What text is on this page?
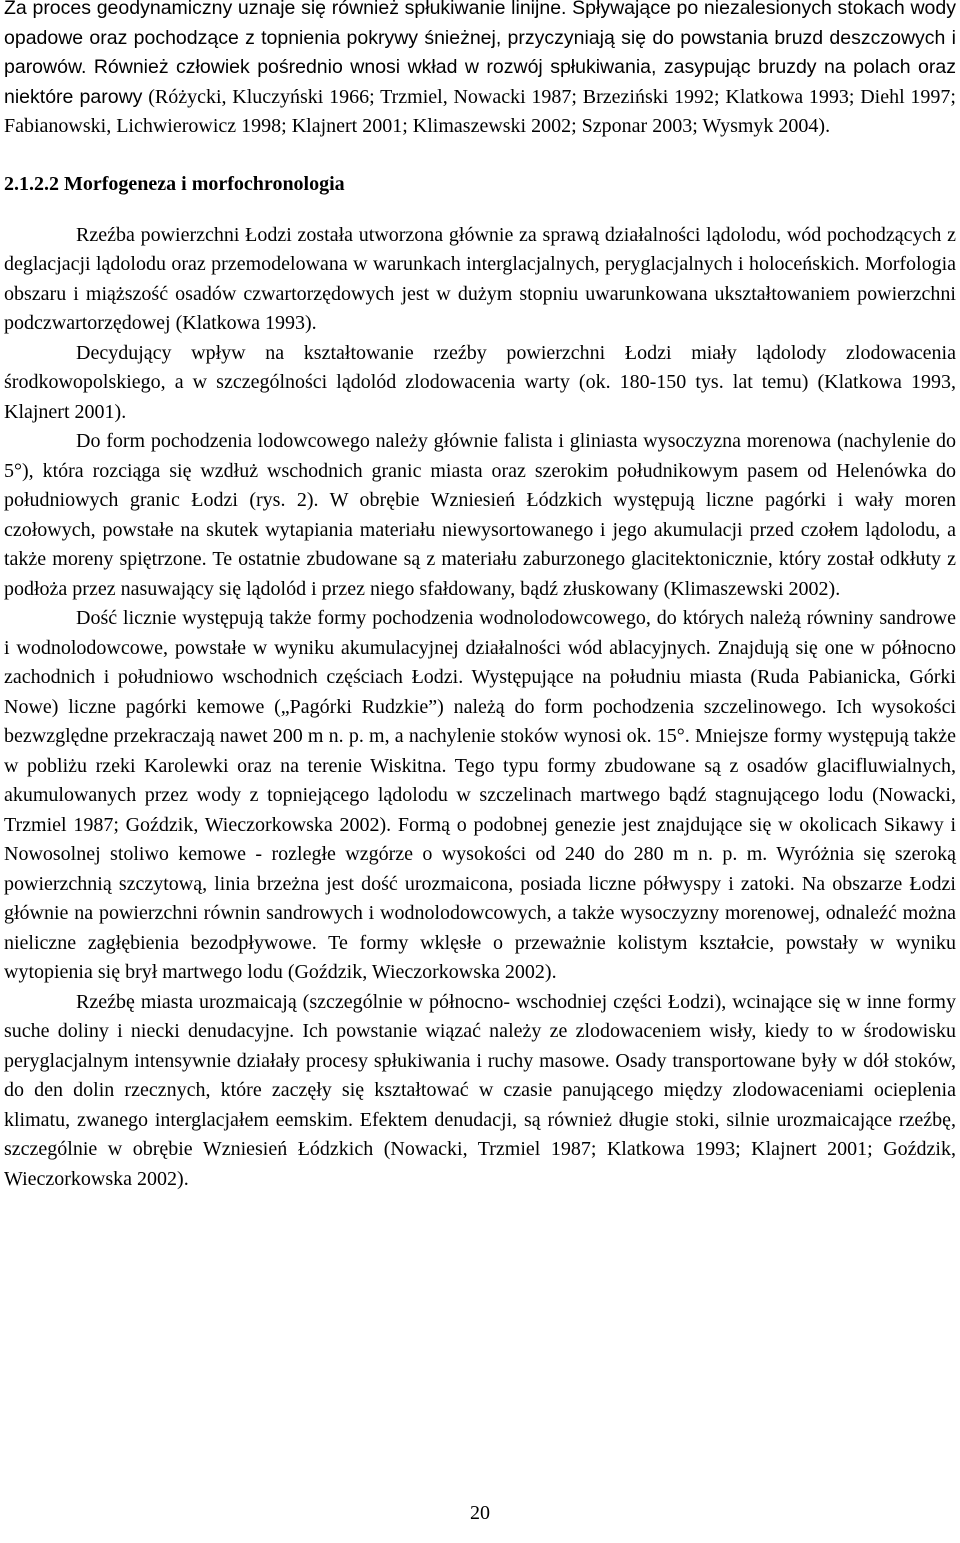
Za proces geodynamiczny uznaje się również spłukiwanie linijne. Spływające po niezalesionych stokach wody opadowe oraz pochodzące z topnienia pokrywy śnieżnej, przyczyniają się do powstania bruzd deszczowych i parowów. Również człowiek pośrednio wnosi wkład w rozwój spłukiwania, zasypując bruzdy na polach oraz niektóre parowy (Różycki, Kluczyński 1966; Trzmiel, Nowacki 1987; Brzeziński 1992; Klatkowa 1993; Diehl 1997; Fabianowski, Lichwierowicz 1998; Klajnert 2001; Klimaszewski 2002; Szponar 2003; Wysmyk 2004).

2.1.2.2 Morfogeneza i morfochronologia

Rzeźba powierzchni Łodzi została utworzona głównie za sprawą działalności lądolodu, wód pochodzących z deglacjacji lądolodu oraz przemodelowana w warunkach interglacjalnych, peryglacjalnych i holoceńskich. Morfologia obszaru i miąższość osadów czwartorzędowych jest w dużym stopniu uwarunkowana ukształtowaniem powierzchni podczwartorzędowej (Klatkowa 1993).

Decydujący wpływ na kształtowanie rzeźby powierzchni Łodzi miały lądolody zlodowacenia środkowopolskiego, a w szczególności lądolód zlodowacenia warty (ok. 180-150 tys. lat temu) (Klatkowa 1993, Klajnert 2001).

Do form pochodzenia lodowcowego należy głównie falista i gliniasta wysoczyzna morenowa (nachylenie do 5°), która rozciąga się wzdłuż wschodnich granic miasta oraz szerokim południkowym pasem od Helenówka do południowych granic Łodzi (rys. 2). W obrębie Wzniesień Łódzkich występują liczne pagórki i wały moren czołowych, powstałe na skutek wytapiania materiału niewysortowanego i jego akumulacji przed czołem lądolodu, a także moreny spiętrzone. Te ostatnie zbudowane są z materiału zaburzonego glacitektonicznie, który został odkłuty z podłoża przez nasuwający się lądolód i przez niego sfałdowany, bądź złuskowany (Klimaszewski 2002).

Dość licznie występują także formy pochodzenia wodnolodowcowego, do których należą równiny sandrowe i wodnolodowcowe, powstałe w wyniku akumulacyjnej działalności wód ablacyjnych. Znajdują się one w północno zachodnich i południowo wschodnich częściach Łodzi. Występujące na południu miasta (Ruda Pabianicka, Górki Nowe) liczne pagórki kemowe („Pagórki Rudzkie”) należą do form pochodzenia szczelinowego. Ich wysokości bezwzględne przekraczają nawet 200 m n. p. m, a nachylenie stoków wynosi ok. 15°. Mniejsze formy występują także w pobliżu rzeki Karolewki oraz na terenie Wiskitna. Tego typu formy zbudowane są z osadów glacifluwialnych, akumulowanych przez wody z topniejącego lądolodu w szczelinach martwego bądź stagnującego lodu (Nowacki, Trzmiel 1987; Goździk, Wieczorkowska 2002). Formą o podobnej genezie jest znajdujące się w okolicach Sikawy i Nowosolnej stoliwo kemowe - rozległe wzgórze o wysokości od 240 do 280 m n. p. m. Wyróżnia się szeroką powierzchnią szczytową, linia brzeżna jest dość urozmaicona, posiada liczne półwyspy i zatoki. Na obszarze Łodzi głównie na powierzchni równin sandrowych i wodnolodowcowych, a także wysoczyzny morenowej, odnaleźć można nieliczne zagłębienia bezodpływowe. Te formy wklęsłe o przeważnie kolistym kształcie, powstały w wyniku wytopienia się brył martwego lodu (Goździk, Wieczorkowska 2002).

Rzeźbę miasta urozmaicają (szczególnie w północno- wschodniej części Łodzi), wcinające się w inne formy suche doliny i niecki denudacyjne. Ich powstanie wiązać należy ze zlodowaceniem wisły, kiedy to w środowisku peryglacjalnym intensywnie działały procesy spłukiwania i ruchy masowe. Osady transportowane były w dół stoków, do den dolin rzecznych, które zaczęły się kształtować w czasie panującego między zlodowaceniami ocieplenia klimatu, zwanego interglacjałem eemskim. Efektem denudacji, są również długie stoki, silnie urozmaicające rzeźbę, szczególnie w obrębie Wzniesień Łódzkich (Nowacki, Trzmiel 1987; Klatkowa 1993; Klajnert 2001; Goździk, Wieczorkowska 2002).

20
